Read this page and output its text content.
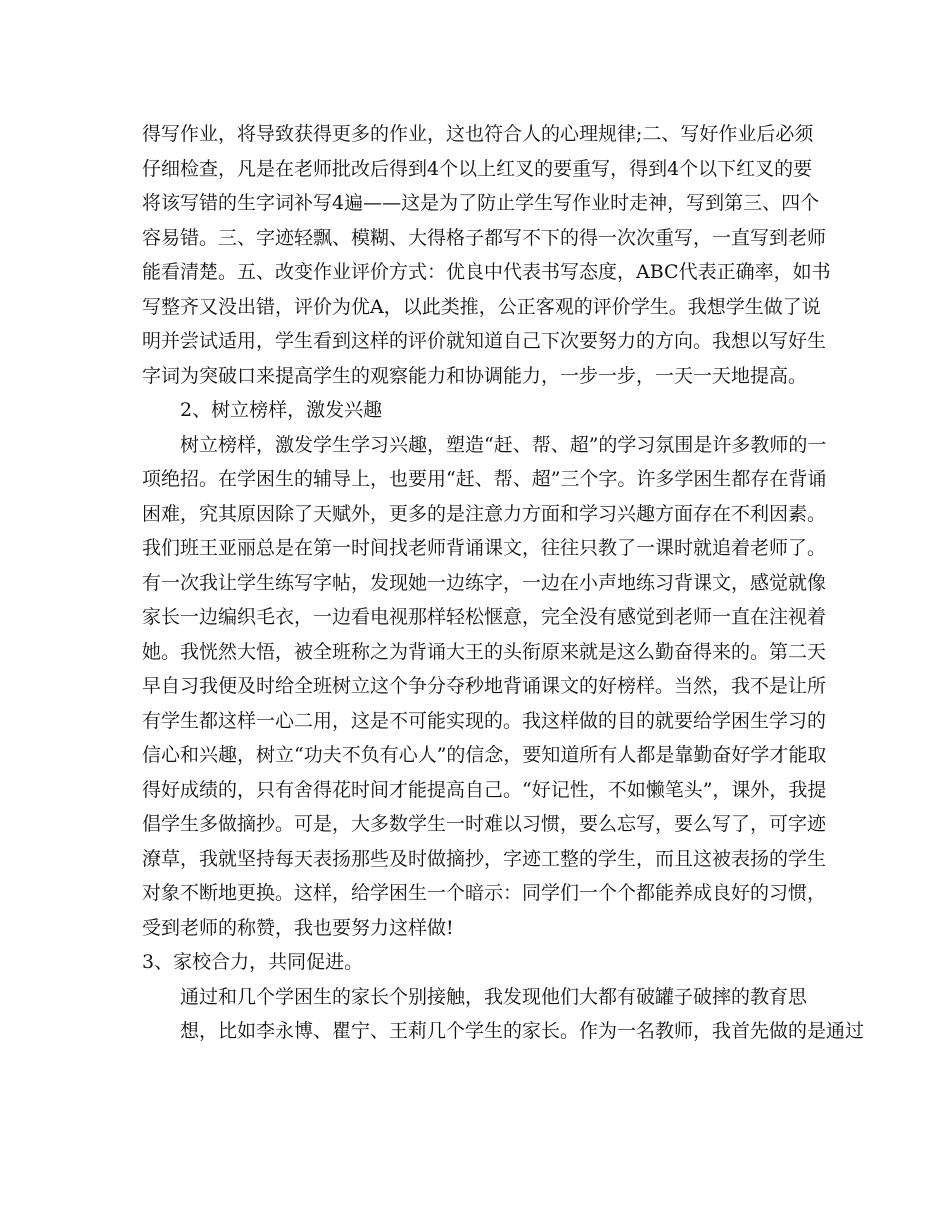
得写作业，将导致获得更多的作业，这也符合人的心理规律;二、写好作业后必须
仔细检查，凡是在老师批改后得到4个以上红叉的要重写，得到4个以下红叉的要
将该写错的生字词补写4遍——这是为了防止学生写作业时走神，写到第三、四个
容易错。三、字迹轻飘、模糊、大得格子都写不下的得一次次重写，一直写到老师
能看清楚。五、改变作业评价方式：优良中代表书写态度，ABC代表正确率，如书
写整齐又没出错，评价为优A，以此类推，公正客观的评价学生。我想学生做了说
明并尝试适用，学生看到这样的评价就知道自己下次要努力的方向。我想以写好生
字词为突破口来提高学生的观察能力和协调能力，一步一步，一天一天地提高。
2、树立榜样，激发兴趣
树立榜样，激发学生学习兴趣，塑造“赶、帮、超”的学习氛围是许多教师的一
项绝招。在学困生的辅导上，也要用“赶、帮、超”三个字。许多学困生都存在背诵
困难，究其原因除了天赋外，更多的是注意力方面和学习兴趣方面存在不利因素。
我们班王亚丽总是在第一时间找老师背诵课文，往往只教了一课时就追着老师了。
有一次我让学生练写字帖，发现她一边练字，一边在小声地练习背课文，感觉就像
家长一边编织毛衣，一边看电视那样轻松惬意，完全没有感觉到老师一直在注视着
她。我恍然大悟，被全班称之为背诵大王的头衔原来就是这么勤奋得来的。第二天
早自习我便及时给全班树立这个争分夺秒地背诵课文的好榜样。当然，我不是让所
有学生都这样一心二用，这是不可能实现的。我这样做的目的就要给学困生学习的
信心和兴趣，树立“功夫不负有心人”的信念，要知道所有人都是靠勤奋好学才能取
得好成绩的，只有舍得花时间才能提高自己。“好记性，不如懒笔头”，课外，我提
倡学生多做摘抄。可是，大多数学生一时难以习惯，要么忘写，要么写了，可字迹
潦草，我就坚持每天表扬那些及时做摘抄，字迹工整的学生，而且这被表扬的学生
对象不断地更换。这样，给学困生一个暗示：同学们一个个都能养成良好的习惯，
受到老师的称赞，我也要努力这样做!
3、家校合力，共同促进。
通过和几个学困生的家长个别接触，我发现他们大都有破罐子破摔的教育思
想，比如李永博、瞿宁、王莉几个学生的家长。作为一名教师，我首先做的是通过
